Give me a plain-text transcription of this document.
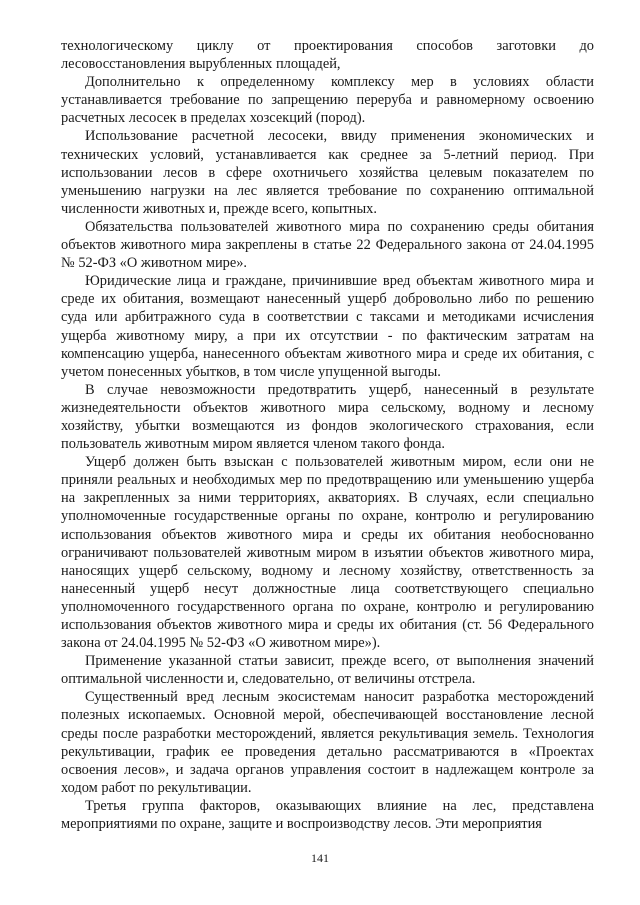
технологическому циклу от проектирования способов заготовки до лесовосстановления вырубленных площадей,

Дополнительно к определенному комплексу мер в условиях области устанавливается требование по запрещению переруба и равномерному освоению расчетных лесосек в пределах хозсекций (пород).

Использование расчетной лесосеки, ввиду применения экономических и технических условий, устанавливается как среднее за 5-летний период. При использовании лесов в сфере охотничьего хозяйства целевым показателем по уменьшению нагрузки на лес является требование по сохранению оптимальной численности животных и, прежде всего, копытных.

Обязательства пользователей животного мира по сохранению среды обитания объектов животного мира закреплены в статье 22 Федерального закона от 24.04.1995 № 52-ФЗ «О животном мире».

Юридические лица и граждане, причинившие вред объектам животного мира и среде их обитания, возмещают нанесенный ущерб добровольно либо по решению суда или арбитражного суда в соответствии с таксами и методиками исчисления ущерба животному миру, а при их отсутствии - по фактическим затратам на компенсацию ущерба, нанесенного объектам животного мира и среде их обитания, с учетом понесенных убытков, в том числе упущенной выгоды.

В случае невозможности предотвратить ущерб, нанесенный в результате жизнедеятельности объектов животного мира сельскому, водному и лесному хозяйству, убытки возмещаются из фондов экологического страхования, если пользователь животным миром является членом такого фонда.

Ущерб должен быть взыскан с пользователей животным миром, если они не приняли реальных и необходимых мер по предотвращению или уменьшению ущерба на закрепленных за ними территориях, акваториях. В случаях, если специально уполномоченные государственные органы по охране, контролю и регулированию использования объектов животного мира и среды их обитания необоснованно ограничивают пользователей животным миром в изъятии объектов животного мира, наносящих ущерб сельскому, водному и лесному хозяйству, ответственность за нанесенный ущерб несут должностные лица соответствующего специально уполномоченного государственного органа по охране, контролю и регулированию использования объектов животного мира и среды их обитания (ст. 56 Федерального закона от 24.04.1995 № 52-ФЗ «О животном мире»).

Применение указанной статьи зависит, прежде всего, от выполнения значений оптимальной численности и, следовательно, от величины отстрела.

Существенный вред лесным экосистемам наносит разработка месторождений полезных ископаемых. Основной мерой, обеспечивающей восстановление лесной среды после разработки месторождений, является рекультивация земель. Технология рекультивации, график ее проведения детально рассматриваются в «Проектах освоения лесов», и задача органов управления состоит в надлежащем контроле за ходом работ по рекультивации.

Третья группа факторов, оказывающих влияние на лес, представлена мероприятиями по охране, защите и воспроизводству лесов. Эти мероприятия

141
